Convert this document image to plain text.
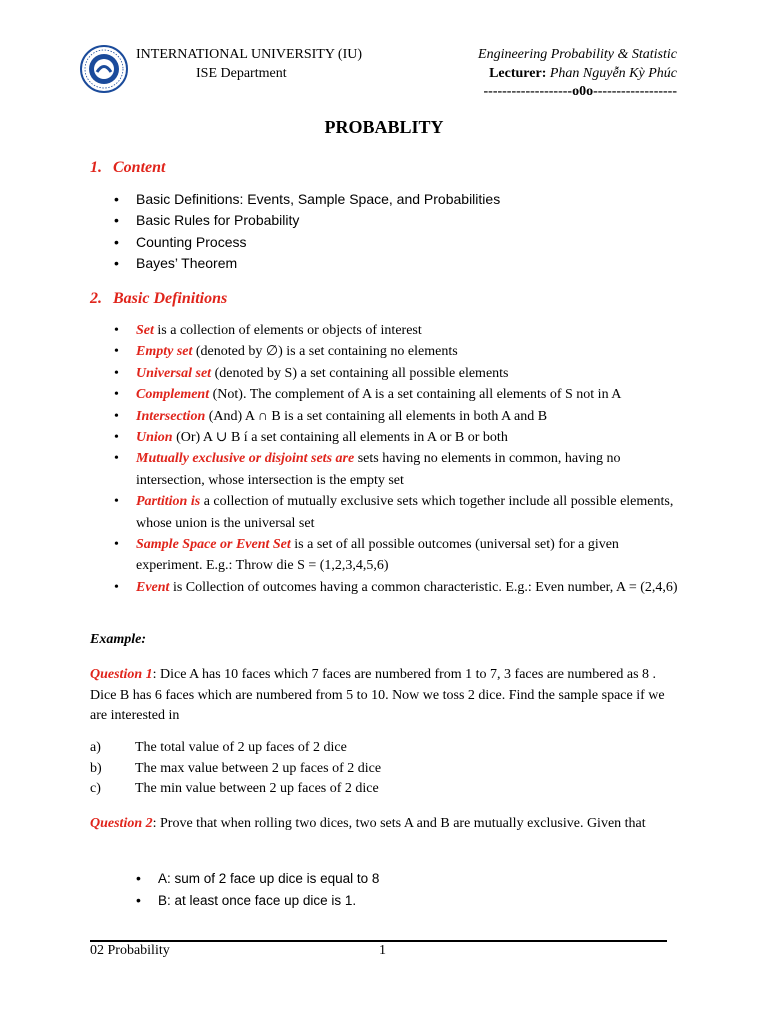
INTERNATIONAL UNIVERSITY (IU)
ISE Department
Engineering Probability & Statistic
Lecturer: Phan Nguyễn Kỳ Phúc
-------------------o0o------------------
PROBABLITY
1. Content
• Basic Definitions: Events, Sample Space, and Probabilities
• Basic Rules for Probability
• Counting Process
• Bayes’ Theorem
2. Basic Definitions
• Set is a collection of elements or objects of interest
• Empty set (denoted by ∅) is a set containing no elements
• Universal set (denoted by S) a set containing all possible elements
• Complement (Not). The complement of A is a set containing all elements of S not in A
• Intersection (And) A ∩ B is a set containing all elements in both A and B
• Union (Or) A ∪ B í a set containing all elements in A or B or both
• Mutually exclusive or disjoint sets are sets having no elements in common, having no intersection, whose intersection is the empty set
• Partition is a collection of mutually exclusive sets which together include all possible elements, whose union is the universal set
• Sample Space or Event Set is a set of all possible outcomes (universal set) for a given experiment. E.g.: Throw die S = (1,2,3,4,5,6)
• Event is Collection of outcomes having a common characteristic. E.g.: Even number, A = (2,4,6)
Example:
Question 1: Dice A has 10 faces which 7 faces are numbered from 1 to 7, 3 faces are numbered as 8 . Dice B has 6 faces which are numbered from 5 to 10. Now we toss 2 dice. Find the sample space if we are interested in
a) The total value of 2 up faces of 2 dice
b) The max value between 2 up faces of 2 dice
c) The min value between 2 up faces of 2 dice
Question 2: Prove that when rolling two dices, two sets A and B are mutually exclusive. Given that
• A: sum of 2 face up dice is equal to 8
• B: at least once face up dice is 1.
02 Probability	1
